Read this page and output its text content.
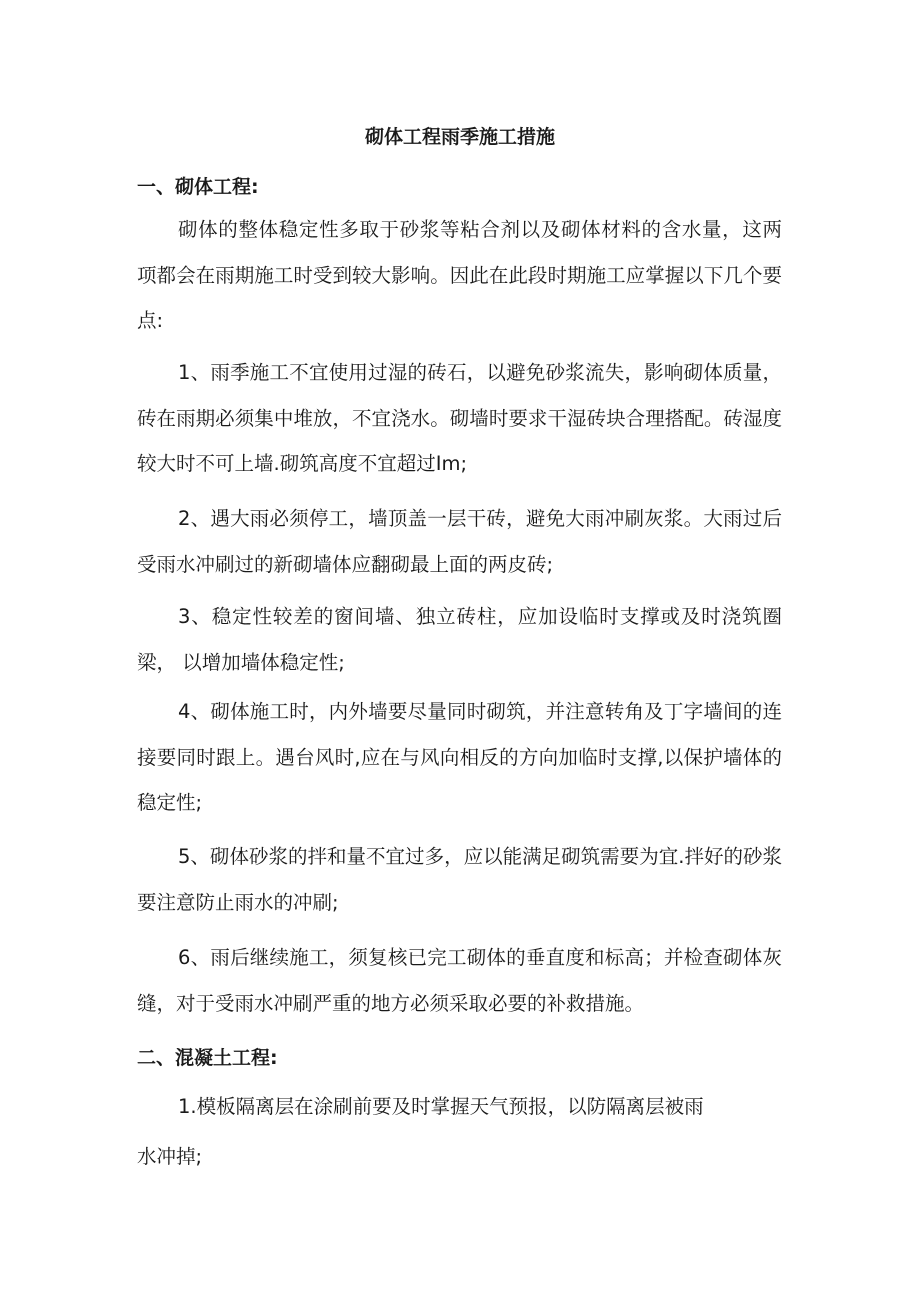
砌体工程雨季施工措施
一、砌体工程:

砌体的整体稳定性多取于砂浆等粘合剂以及砌体材料的含水量，这两项都会在雨期施工时受到较大影响。因此在此段时期施工应掌握以下几个要点:

1、雨季施工不宜使用过湿的砖石，以避免砂浆流失，影响砌体质量，砖在雨期必须集中堆放，不宜浇水。砌墙时要求干湿砖块合理搭配。砖湿度较大时不可上墙.砌筑高度不宜超过Im;

2、遇大雨必须停工，墙顶盖一层干砖，避免大雨冲刷灰浆。大雨过后受雨水冲刷过的新砌墙体应翻砌最上面的两皮砖;

3、稳定性较差的窗间墙、独立砖柱，应加设临时支撑或及时浇筑圈梁， 以增加墙体稳定性;

4、砌体施工时，内外墙要尽量同时砌筑，并注意转角及丁字墙间的连接要同时跟上。遇台风时,应在与风向相反的方向加临时支撑,以保护墙体的稳定性;

5、砌体砂浆的拌和量不宜过多，应以能满足砌筑需要为宜.拌好的砂浆要注意防止雨水的冲刷;

6、雨后继续施工，须复核已完工砌体的垂直度和标高；并检查砌体灰缝，对于受雨水冲刷严重的地方必须采取必要的补救措施。

二、混凝土工程:

1.模板隔离层在涂刷前要及时掌握天气预报，以防隔离层被雨

水冲掉;
